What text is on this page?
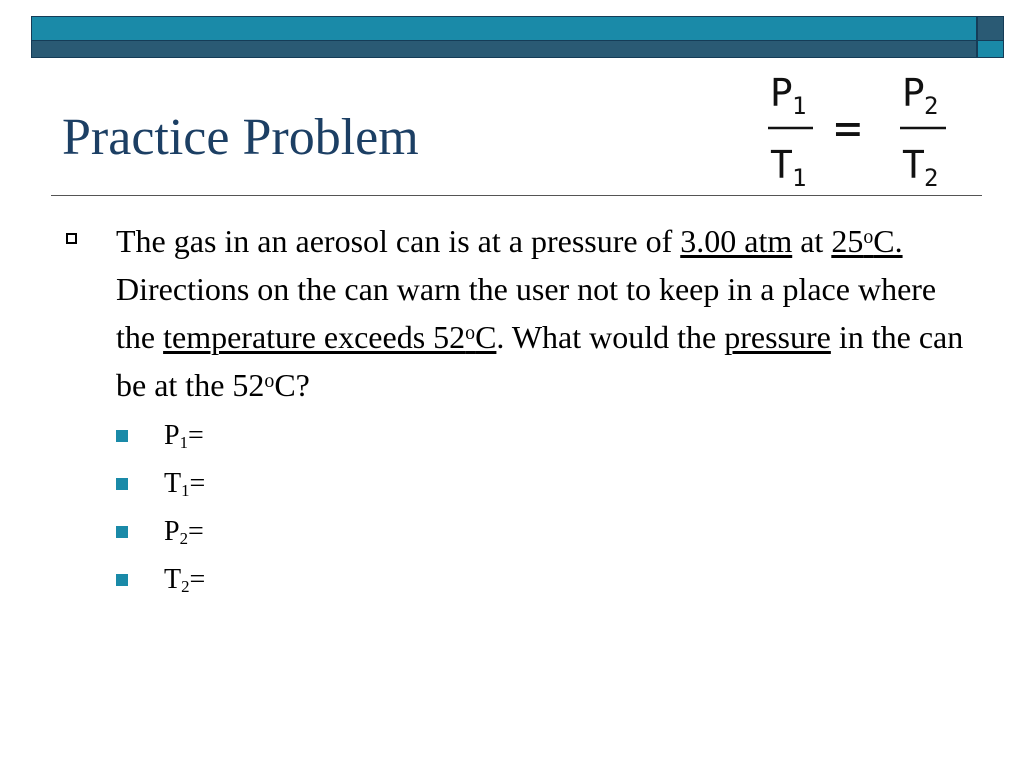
Practice Problem
P 1
T 1
=
P 2
T 2
The gas in an aerosol can is at a pressure of 3.00 atm at 25$^o$C. Directions on the can warn the user not to keep in a place where the temperature exceeds 52$^o$C. What would the pressure in the can be at the 52$^o$C?
$P_1=$
$T_1=$
$P_2=$
$T_2=$
